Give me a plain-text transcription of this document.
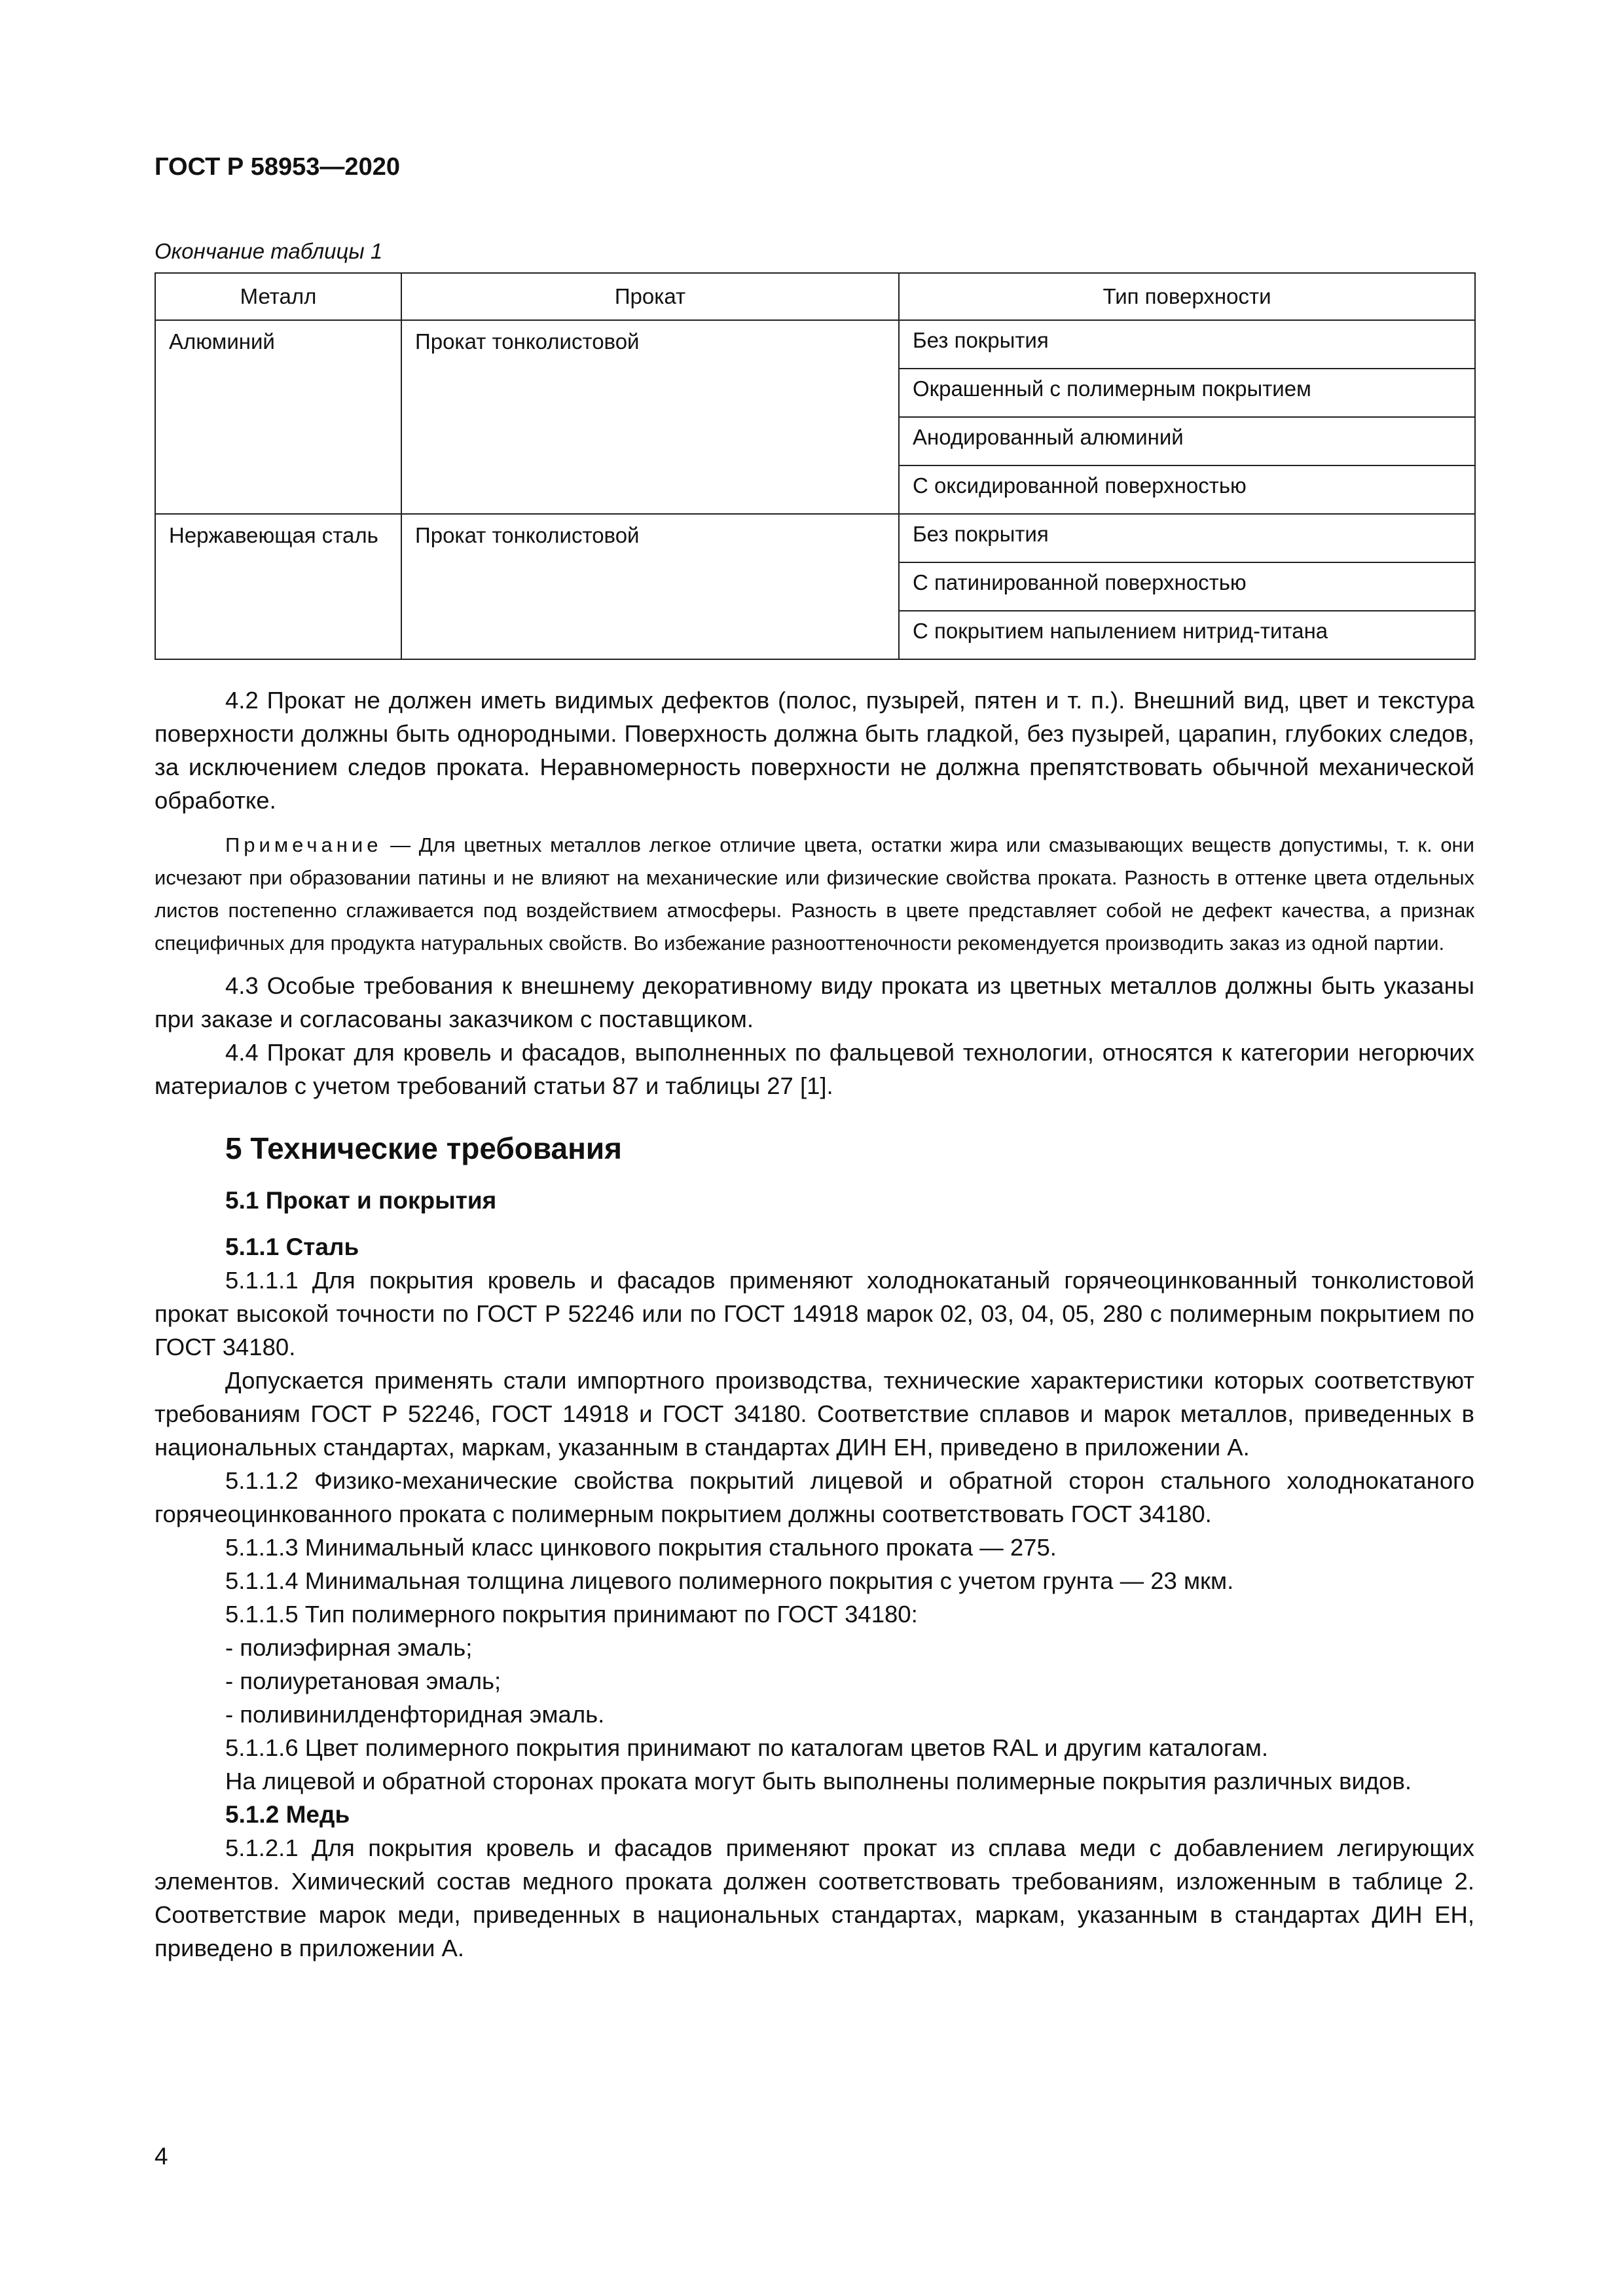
ГОСТ Р 58953—2020
Окончание таблицы 1
Металл	Прокат	Тип поверхности
Алюминий	Прокат тонколистовой	Без покрытия
		Окрашенный с полимерным покрытием
		Анодированный алюминий
		С оксидированной поверхностью
Нержавеющая сталь	Прокат тонколистовой	Без покрытия
		С патинированной поверхностью
		С покрытием напылением нитрид-титана

4.2 Прокат не должен иметь видимых дефектов (полос, пузырей, пятен и т. п.). Внешний вид, цвет и текстура поверхности должны быть однородными. Поверхность должна быть гладкой, без пузырей, царапин, глубоких следов, за исключением следов проката. Неравномерность поверхности не должна препятствовать обычной механической обработке.

Примечание — Для цветных металлов легкое отличие цвета, остатки жира или смазывающих веществ допустимы, т. к. они исчезают при образовании патины и не влияют на механические или физические свойства проката. Разность в оттенке цвета отдельных листов постепенно сглаживается под воздействием атмосферы. Разность в цвете представляет собой не дефект качества, а признак специфичных для продукта натуральных свойств. Во избежание разнооттеночности рекомендуется производить заказ из одной партии.

4.3 Особые требования к внешнему декоративному виду проката из цветных металлов должны быть указаны при заказе и согласованы заказчиком с поставщиком.

4.4 Прокат для кровель и фасадов, выполненных по фальцевой технологии, относятся к категории негорючих материалов с учетом требований статьи 87 и таблицы 27 [1].

5 Технические требования
5.1 Прокат и покрытия
5.1.1 Сталь

5.1.1.1 Для покрытия кровель и фасадов применяют холоднокатаный горячеоцинкованный тонколистовой прокат высокой точности по ГОСТ Р 52246 или по ГОСТ 14918 марок 02, 03, 04, 05, 280 с полимерным покрытием по ГОСТ 34180.

Допускается применять стали импортного производства, технические характеристики которых соответствуют требованиям ГОСТ Р 52246, ГОСТ 14918 и ГОСТ 34180. Соответствие сплавов и марок металлов, приведенных в национальных стандартах, маркам, указанным в стандартах ДИН ЕН, приведено в приложении А.

5.1.1.2 Физико-механические свойства покрытий лицевой и обратной сторон стального холоднокатаного горячеоцинкованного проката с полимерным покрытием должны соответствовать ГОСТ 34180.

5.1.1.3 Минимальный класс цинкового покрытия стального проката — 275.

5.1.1.4 Минимальная толщина лицевого полимерного покрытия с учетом грунта — 23 мкм.

5.1.1.5 Тип полимерного покрытия принимают по ГОСТ 34180:

- полиэфирная эмаль;

- полиуретановая эмаль;

- поливинилденфторидная эмаль.

5.1.1.6 Цвет полимерного покрытия принимают по каталогам цветов RAL и другим каталогам.

На лицевой и обратной сторонах проката могут быть выполнены полимерные покрытия различных видов.

5.1.2 Медь

5.1.2.1 Для покрытия кровель и фасадов применяют прокат из сплава меди с добавлением легирующих элементов. Химический состав медного проката должен соответствовать требованиям, изложенным в таблице 2. Соответствие марок меди, приведенных в национальных стандартах, маркам, указанным в стандартах ДИН ЕН, приведено в приложении А.

4
